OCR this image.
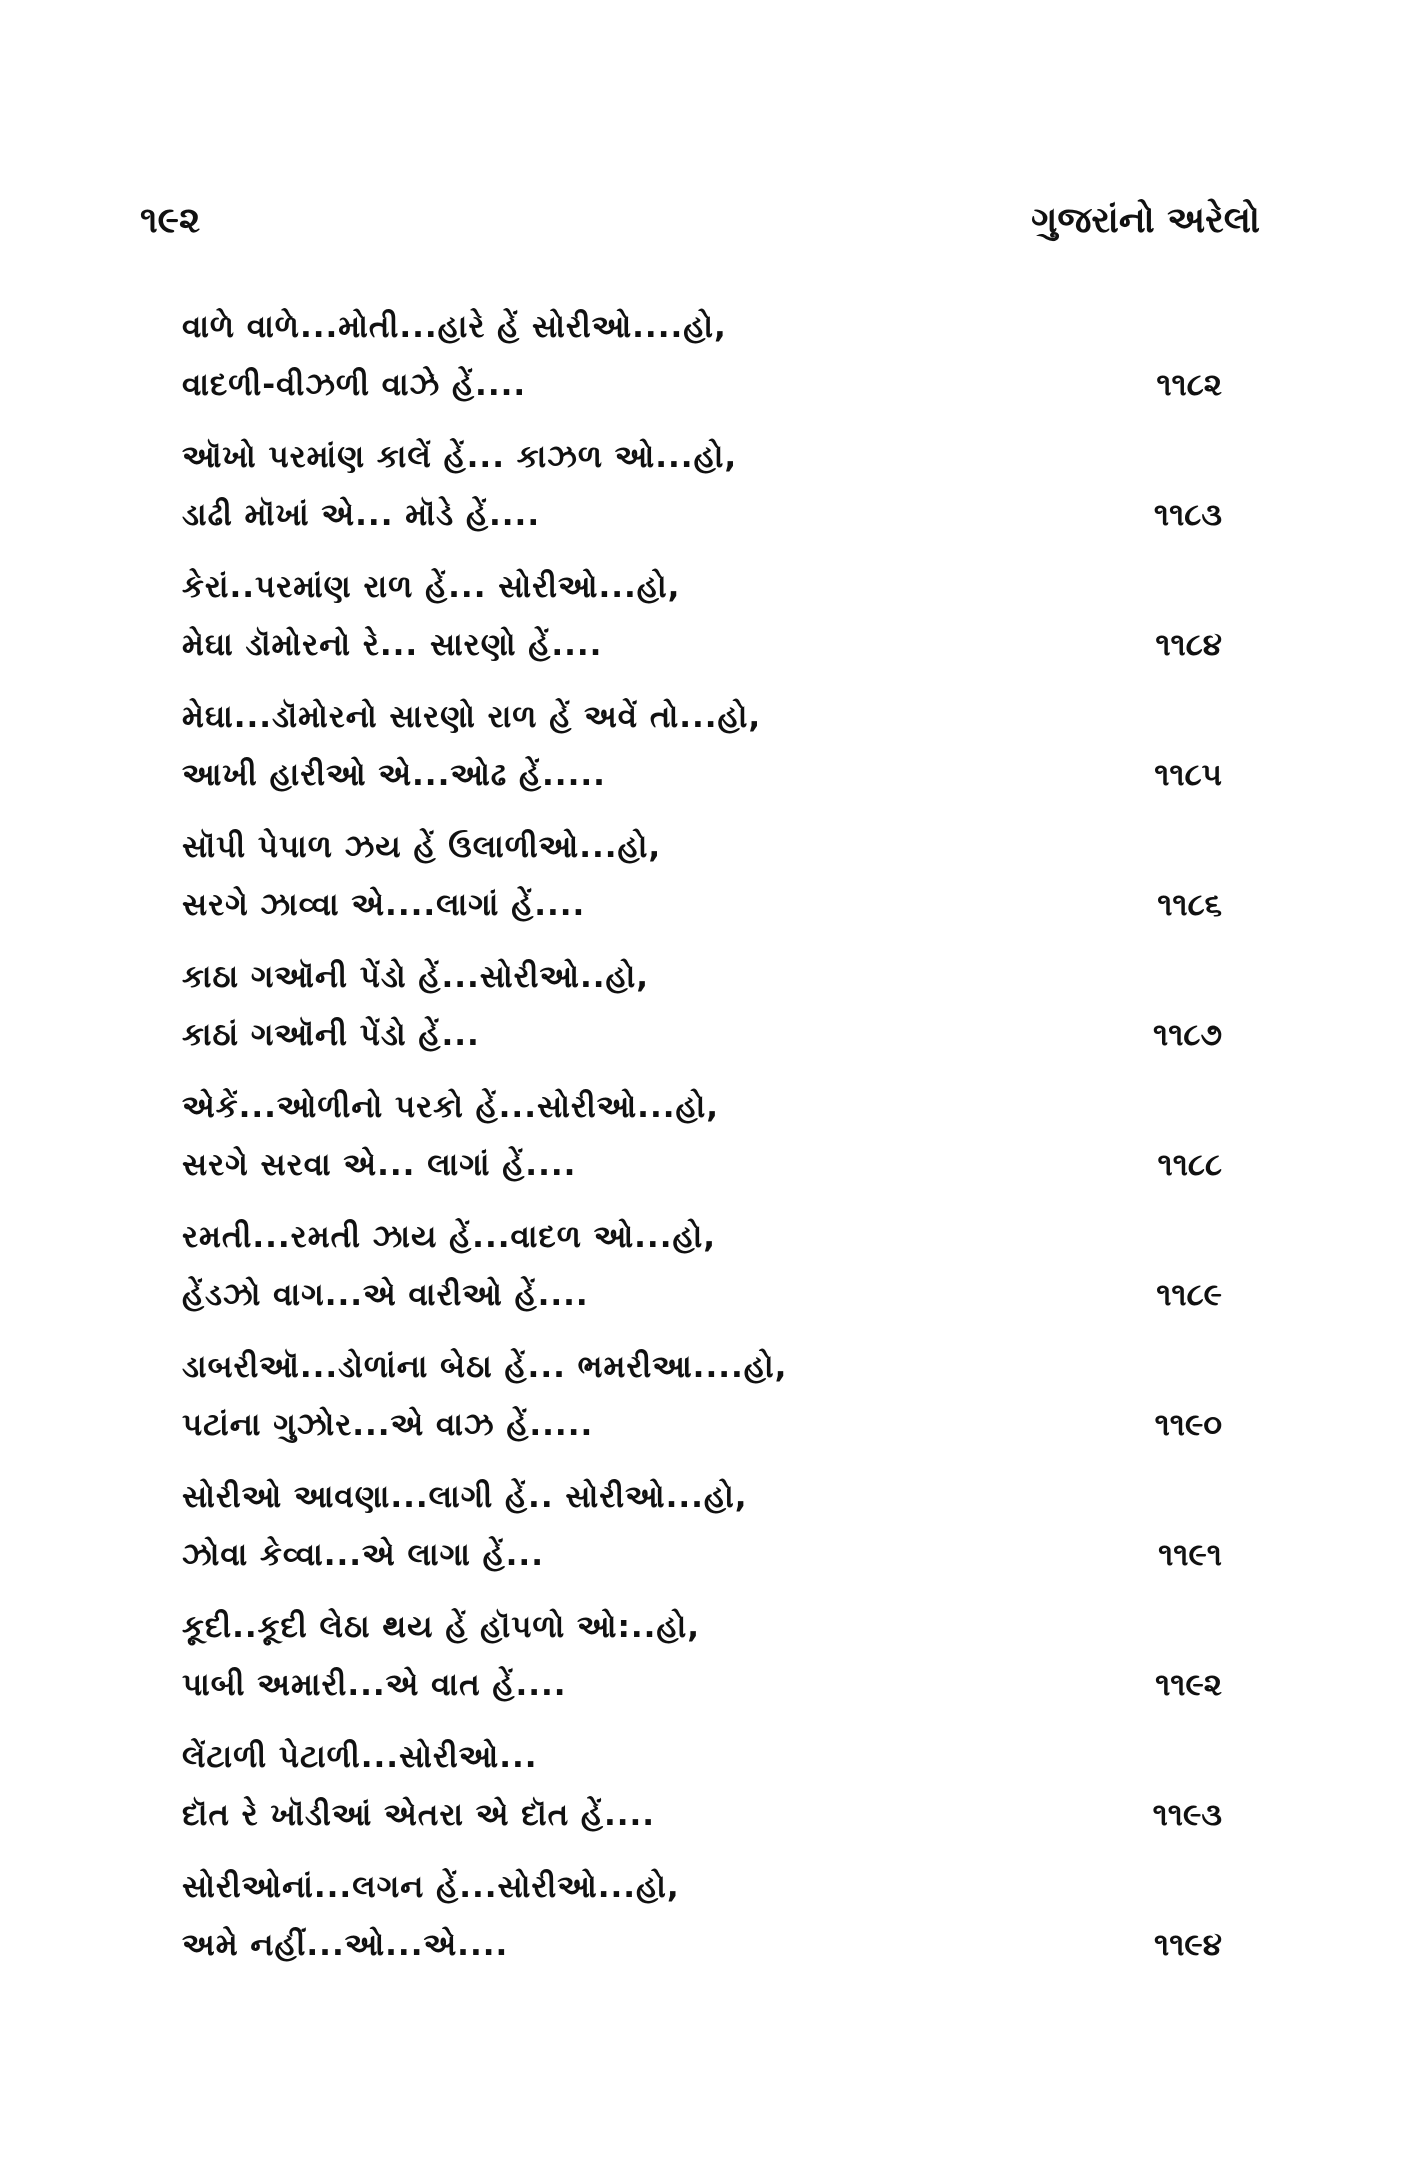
૧૯૨	ગુજરાંનો અરેલો
વાળે વાળે...મોતી...હારે હેં સોરીઓ....હો,
વાદળી-વીઝળી વાઝે હેં....	૧૧૮૨
ઑખો પરમાંણ કાલેં હેં... કાઝળ ઓ...હો,
ડાઢી મૉખાં એ... મૉડે હેં....	૧૧૮૩
કેરાં..પરમાંણ રાળ હેં... સોરીઓ...હો,
મેઘા ડૉમોરનો રે... સારણો હેં....	૧૧૮૪
મેઘા...ડૉમોરનો સારણો રાળ હેં અવેં તો...હો,
આખી હારીઓ એ...ઓઢ હેં.....	૧૧૮૫
સૉપી પેપાળ ઝય હેં ઉલાળીઓ...હો,
સરગે ઝાવ્વા એ....લાગાં હેં....	૧૧૮૬
કાઠા ગઑની પેંડો હેં...સોરીઓ..હો,
કાઠાં ગઑની પેંડો હેં...	૧૧૮૭
એકેં...ઓળીનો પરકો હેં...સોરીઓ...હો,
સરગે સરવા એ... લાગાં હેં....	૧૧૮૮
રમતી...રમતી ઝાય હેં...વાદળ ઓ...હો,
હેંડઝો વાગ...એ વારીઓ હેં....	૧૧૮૯
ડાબરીઑ...ડોળાંના બેઠા હેં... ભમરીઆ....હો,
પટાંના ગુઝોર...એ વાઝ હેં.....	૧૧૯૦
સોરીઓ આવણા...લાગી હેં.. સોરીઓ...હો,
ઝોવા કેવ્વા...એ લાગા હેં...	૧૧૯૧
કૂદી..કૂદી લેઠા થય હેં હૉપળો ઓ:..હો,
પાબી અમારી...એ વાત હેં....	૧૧૯૨
લેંટાળી પેટાળી...સોરીઓ...
દૉત રે ખૉડીઆં એતરા એ દૉત હેં....	૧૧૯૩
સોરીઓનાં...લગન હેં...સોરીઓ...હો,
અમે નહીં...ઓ...એ....	૧૧૯૪
